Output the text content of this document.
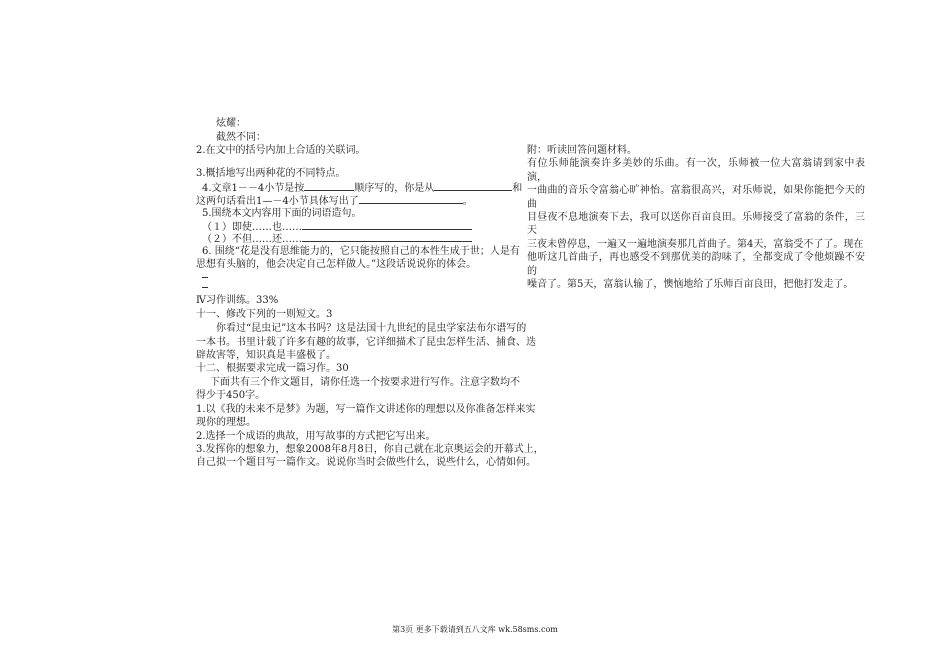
炫耀：
截然不同：
2.在文中的括号内加上合适的关联词。
3.概括地写出两种花的不同特点。
4.文章1－－4小节是按	顺序写的，你是从	和
这两句话看出1—－4小节具体写出了	。
5.围绕本文内容用下面的词语造句。
（１）即使……也……
（２）不但……还……
6. 围绕“花是没有思维能力的，它只能按照自己的本性生成于世；人是有
思想有头脑的，他会决定自己怎样做人。”这段话说说你的体会。
Ⅳ习作训练。33%
十一、修改下列的一则短文。3
你看过“昆虫记”这本书吗？这是法国十九世纪的昆虫学家法布尔谱写的
一本书。书里计载了许多有趣的故事，它详细描术了昆虫怎样生活、捕食、迭
辟故害等，知识真是丰盛极了。
十二、根据要求完成一篇习作。30
下面共有三个作文题目，请你任选一个按要求进行写作。注意字数均不
得少于450字。
1.以《我的未来不是梦》为题，写一篇作文讲述你的理想以及你准备怎样来实
现你的理想。
2.选择一个成语的典故，用写故事的方式把它写出来。
3.发挥你的想象力，想象2008年8月8日，你自己就在北京奥运会的开幕式上，
自己拟一个题目写一篇作文。说说你当时会做些什么，说些什么，心情如何。

附：听读回答问题材料。

有位乐师能演奏许多美妙的乐曲。有一次，乐师被一位大富翁请到家中表演，

一曲曲的音乐令富翁心旷神怡。富翁很高兴，对乐师说，如果你能把今天的曲

目昼夜不息地演奏下去，我可以送你百亩良田。乐师接受了富翁的条件，三天

三夜未曾停息，一遍又一遍地演奏那几首曲子。第4天，富翁受不了了。现在

他听这几首曲子，再也感受不到那优美的韵味了，全都变成了令他烦躁不安的

噪音了。第5天，富翁认输了，懊恼地给了乐师百亩良田，把他打发走了。

第3页 更多下载请到五八文库 wk.58sms.com
